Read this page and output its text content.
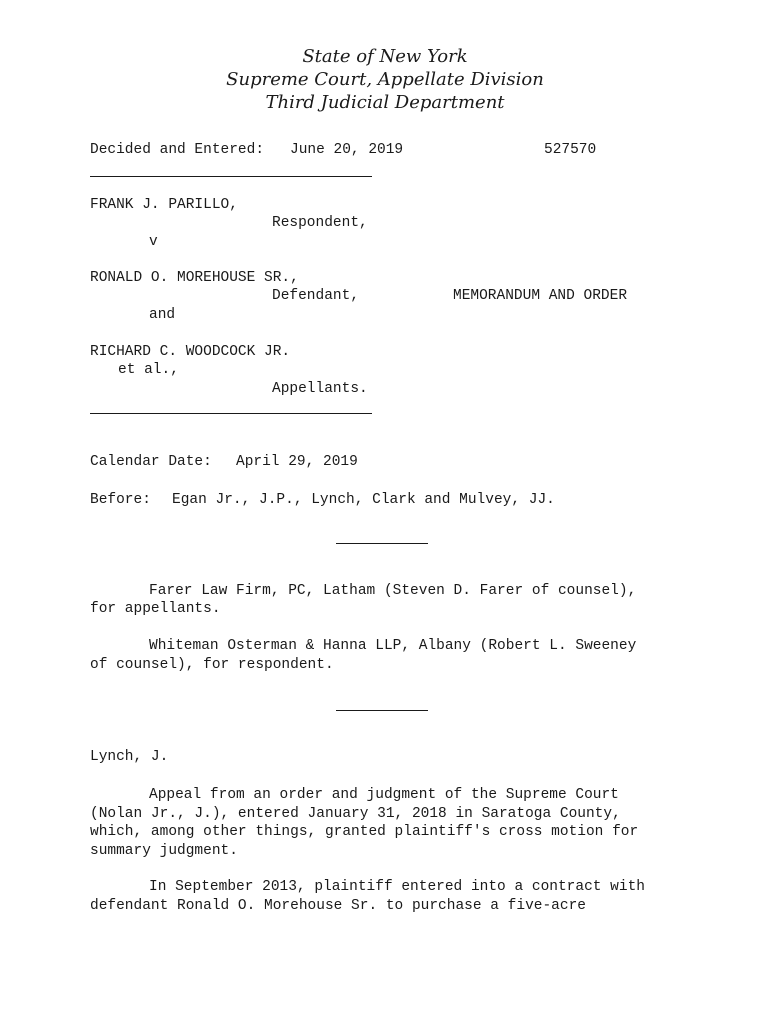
State of New York
Supreme Court, Appellate Division
Third Judicial Department
Decided and Entered: June 20, 2019	527570
FRANK J. PARILLO,
Respondent,
v
RONALD O. MOREHOUSE SR.,
Defendant,	MEMORANDUM AND ORDER
and
RICHARD C. WOODCOCK JR.
et al.,
Appellants.
Calendar Date: April 29, 2019
Before: Egan Jr., J.P., Lynch, Clark and Mulvey, JJ.
Farer Law Firm, PC, Latham (Steven D. Farer of counsel),
for appellants.
Whiteman Osterman & Hanna LLP, Albany (Robert L. Sweeney
of counsel), for respondent.
Lynch, J.
Appeal from an order and judgment of the Supreme Court
(Nolan Jr., J.), entered January 31, 2018 in Saratoga County,
which, among other things, granted plaintiff's cross motion for
summary judgment.
In September 2013, plaintiff entered into a contract with
defendant Ronald O. Morehouse Sr. to purchase a five-acre
